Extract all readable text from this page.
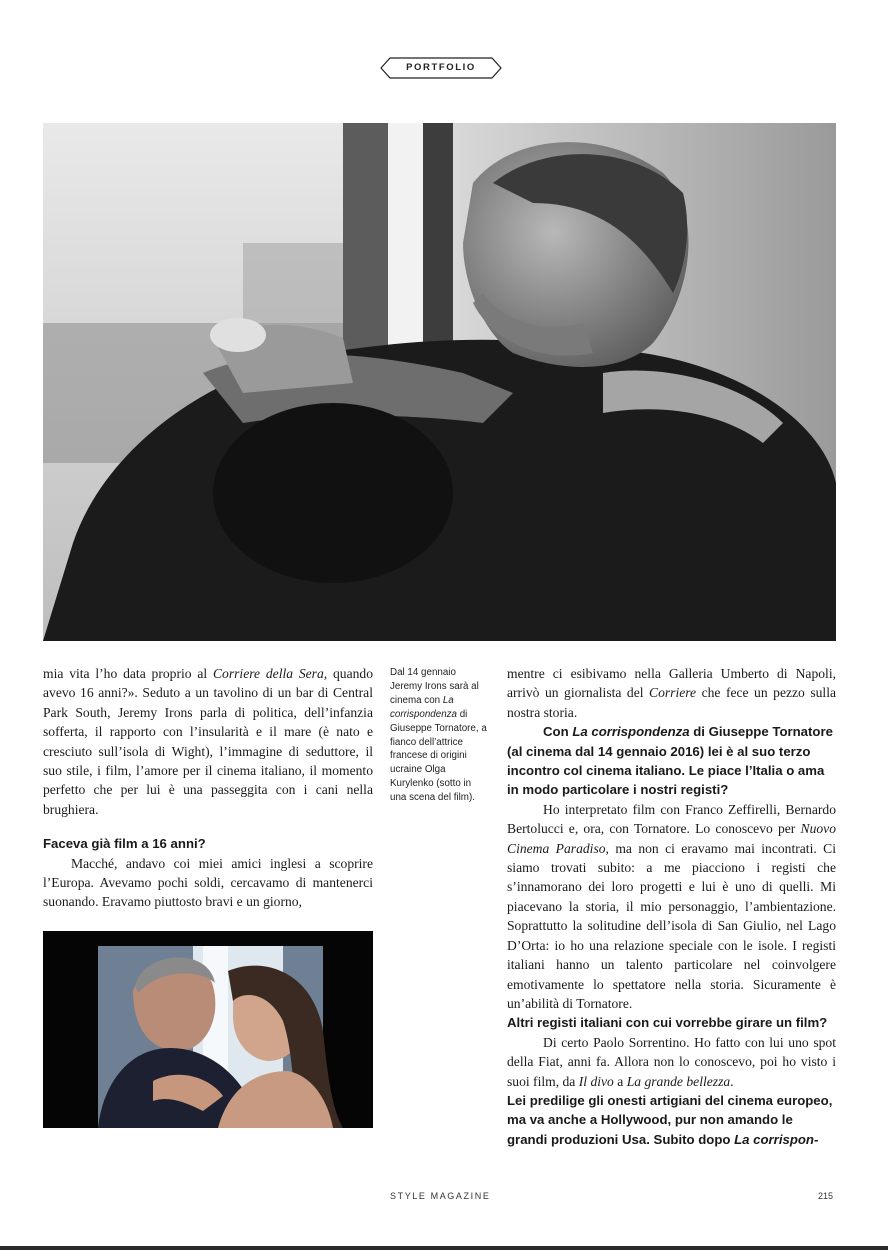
PORTFOLIO

mia vita l’ho data proprio al Corriere della Sera, quando avevo 16 anni?». Seduto a un tavolino di un bar di Central Park South, Jeremy Irons parla di politica, dell’infanzia sofferta, il rapporto con l’insularità e il mare (è nato e cresciuto sull’isola di Wight), l’immagine di seduttore, il suo stile, i film, l’amore per il cinema italiano, il momento perfetto che per lui è una passeggita con i cani nella brughiera.

Faceva già film a 16 anni?

Macché, andavo coi miei amici inglesi a scoprire l’Europa. Avevamo pochi soldi, cercavamo di mantenerci suonando. Eravamo piuttosto bravi e un giorno,

Dal 14 gennaio Jeremy Irons sarà al cinema con La corrispondenza di Giuseppe Tornatore, a fianco dell’attrice francese di origini ucraine Olga Kurylenko (sotto in una scena del film).

mentre ci esibivamo nella Galleria Umberto di Napoli, arrivò un giornalista del Corriere che fece un pezzo sulla nostra storia.

Con La corrispondenza di Giuseppe Tornatore (al cinema dal 14 gennaio 2016) lei è al suo terzo incontro col cinema italiano. Le piace l’Italia o ama in modo particolare i nostri registi?

Ho interpretato film con Franco Zeffirelli, Bernardo Bertolucci e, ora, con Tornatore. Lo conoscevo per Nuovo Cinema Paradiso, ma non ci eravamo mai incontrati. Ci siamo trovati subito: a me piacciono i registi che s’innamorano dei loro progetti e lui è uno di quelli. Mi piacevano la storia, il mio personaggio, l’ambientazione. Soprattutto la solitudine dell’isola di San Giulio, nel Lago D’Orta: io ho una relazione speciale con le isole. I registi italiani hanno un talento particolare nel coinvolgere emotivamente lo spettatore nella storia. Sicuramente è un’abilità di Tornatore.

Altri registi italiani con cui vorrebbe girare un film?

Di certo Paolo Sorrentino. Ho fatto con lui uno spot della Fiat, anni fa. Allora non lo conoscevo, poi ho visto i suoi film, da Il divo a La grande bellezza.

Lei predilige gli onesti artigiani del cinema europeo, ma va anche a Hollywood, pur non amando le grandi produzioni Usa. Subito dopo La corrispon-

STYLE MAGAZINE	215
